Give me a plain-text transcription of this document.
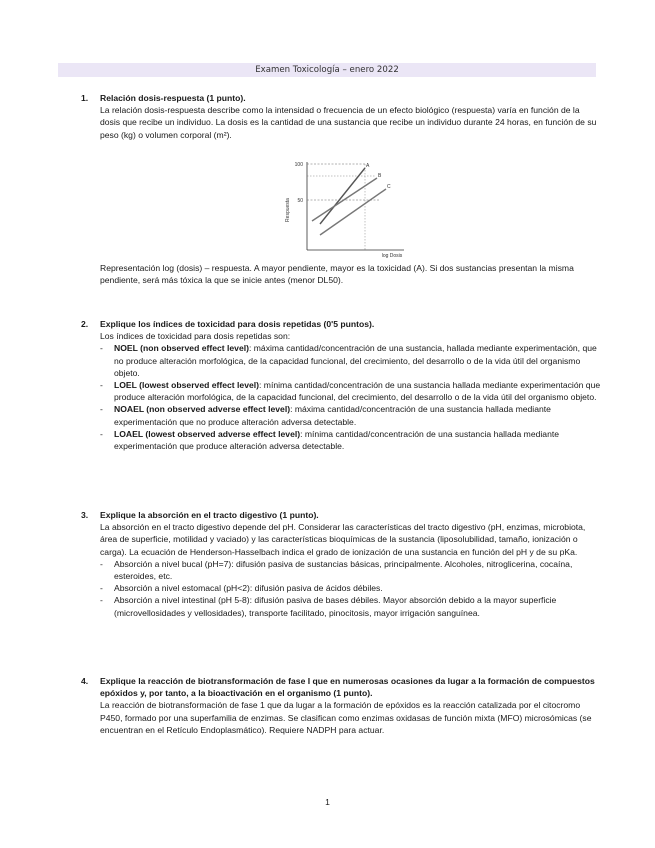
Examen Toxicología – enero 2022
1. Relación dosis-respuesta (1 punto).

La relación dosis-respuesta describe como la intensidad o frecuencia de un efecto biológico (respuesta) varía en función de la dosis que recibe un individuo. La dosis es la cantidad de una sustancia que recibe un individuo durante 24 horas, en función de su peso (kg) o volumen corporal (m²).

Respuesta
100
50
A
B
C
log Dosis

Representación log (dosis) – respuesta. A mayor pendiente, mayor es la toxicidad (A). Si dos sustancias presentan la misma pendiente, será más tóxica la que se inicie antes (menor DL50).

2. Explique los índices de toxicidad para dosis repetidas (0'5 puntos).

Los índices de toxicidad para dosis repetidas son:

- NOEL (non observed effect level): máxima cantidad/concentración de una sustancia, hallada mediante experimentación, que no produce alteración morfológica, de la capacidad funcional, del crecimiento, del desarrollo o de la vida útil del organismo objeto.
- LOEL (lowest observed effect level): mínima cantidad/concentración de una sustancia hallada mediante experimentación que produce alteración morfológica, de la capacidad funcional, del crecimiento, del desarrollo o de la vida útil del organismo objeto.
- NOAEL (non observed adverse effect level): máxima cantidad/concentración de una sustancia hallada mediante experimentación que no produce alteración adversa detectable.
- LOAEL (lowest observed adverse effect level): mínima cantidad/concentración de una sustancia hallada mediante experimentación que produce alteración adversa detectable.
3. Explique la absorción en el tracto digestivo (1 punto).

La absorción en el tracto digestivo depende del pH. Considerar las características del tracto digestivo (pH, enzimas, microbiota, área de superficie, motilidad y vaciado) y las características bioquímicas de la sustancia (liposolubilidad, tamaño, ionización o carga). La ecuación de Henderson-Hasselbach indica el grado de ionización de una sustancia en función del pH y de su pKa.

- Absorción a nivel bucal (pH=7): difusión pasiva de sustancias básicas, principalmente. Alcoholes, nitroglicerina, cocaína, esteroides, etc.
- Absorción a nivel estomacal (pH<2): difusión pasiva de ácidos débiles.
- Absorción a nivel intestinal (pH 5-8): difusión pasiva de bases débiles. Mayor absorción debido a la mayor superficie (microvellosidades y vellosidades), transporte facilitado, pinocitosis, mayor irrigación sanguínea.
4. Explique la reacción de biotransformación de fase I que en numerosas ocasiones da lugar a la formación de compuestos epóxidos y, por tanto, a la bioactivación en el organismo (1 punto).

La reacción de biotransformación de fase 1 que da lugar a la formación de epóxidos es la reacción catalizada por el citocromo P450, formado por una superfamilia de enzimas. Se clasifican como enzimas oxidasas de función mixta (MFO) microsómicas (se encuentran en el Retículo Endoplasmático). Requiere NADPH para actuar.

1
